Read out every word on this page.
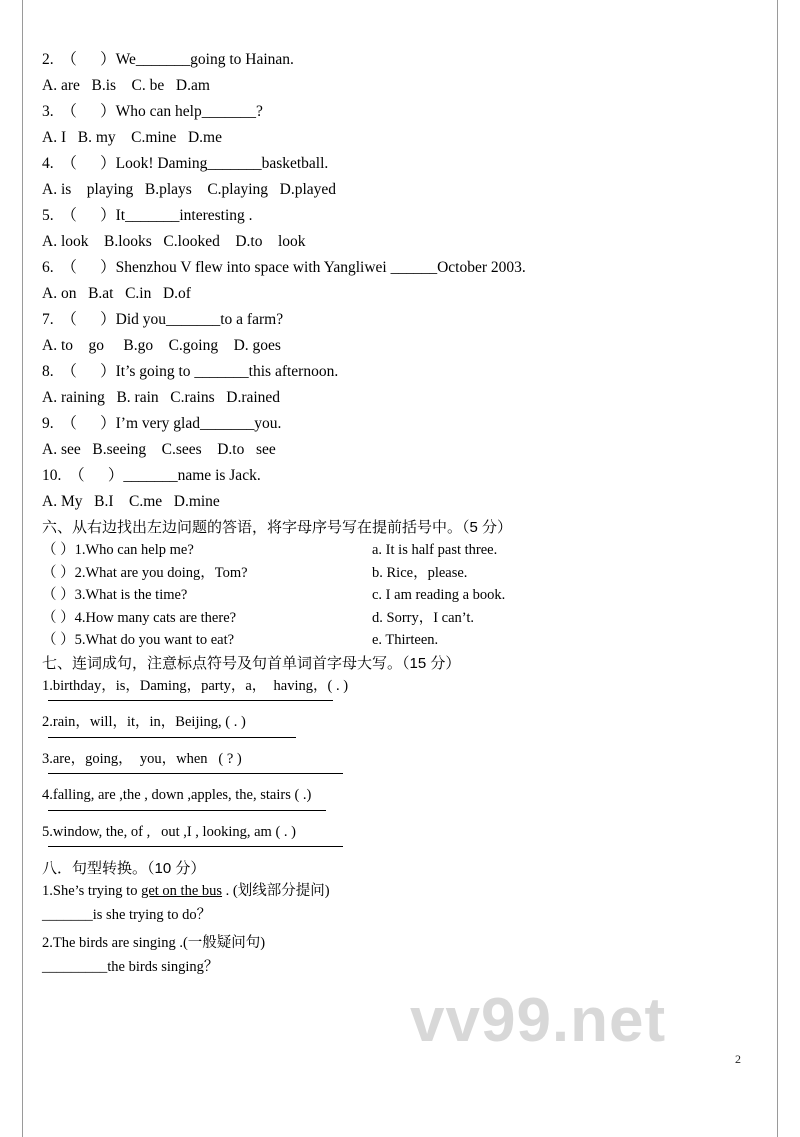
2.  （      ）We_______going to Hainan.
A. are   B.is    C. be   D.am
3.  （      ）Who can help_______?
A. I   B. my    C.mine   D.me
4.  （      ）Look! Daming_______basketball.
A. is    playing   B.plays    C.playing   D.played
5.  （      ）It_______interesting .
A. look    B.looks   C.looked    D.to    look
6.  （      ）Shenzhou V flew into space with Yangliwei ______October 2003.
A. on   B.at   C.in   D.of
7.  （      ）Did you_______to a farm?
A. to    go     B.go    C.going    D. goes
8.  （      ）It’s going to _______this afternoon.
A. raining   B. rain   C.rains   D.rained
9.  （      ）I’m very glad_______you.
A. see   B.seeing    C.sees    D.to   see
10.  （      ）_______name is Jack.
A. My   B.I    C.me   D.mine
六、从右边找出左边问题的答语，将字母序号写在提前括号中。（5 分）
（ ）1.Who can help me?	a. It is half past three.
（ ）2.What are you doing，Tom?	b. Rice，please.
（ ）3.What is the time?	c. I am reading a book.
（ ）4.How many cats are there?	d. Sorry，I can’t.
（ ）5.What do you want to eat?	e. Thirteen.
七、连词成句，注意标点符号及句首单词首字母大写。（15 分）
1.birthday，is，Daming，party，a，  having，( . )
2.rain，will，it，in，Beijing, ( . )
3.are，going，  you，when   ( ? )
4.falling, are ,the , down ,apples, the, stairs ( .)
5.window, the, of ,   out ,I , looking, am ( . )
八．句型转换。（10 分）
1.She’s trying to get on the bus . (划线部分提问)
_______is she trying to do？
2.The birds are singing .(一般疑问句)
_________the birds singing？
vv99.net
2
